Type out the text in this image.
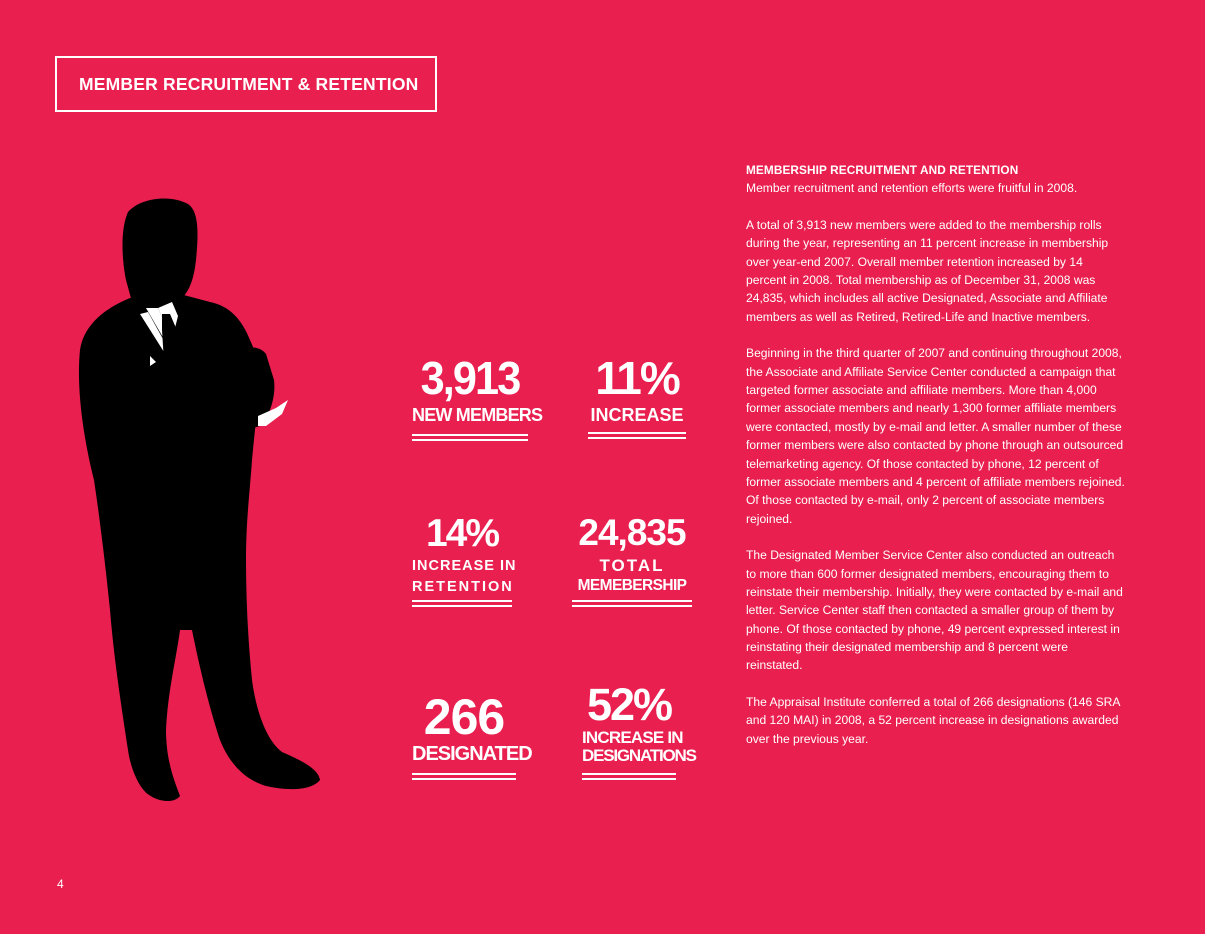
MEMBER RECRUITMENT & RETENTION
3,913
NEW MEMBERS
11%
INCREASE
14%
INCREASE IN
RETENTION
24,835
TOTAL
MEMEBERSHIP
266
DESIGNATED
52%
INCREASE IN
DESIGNATIONS
MEMBERSHIP RECRUITMENT AND RETENTION

Member recruitment and retention efforts were fruitful in 2008.

A total of 3,913 new members were added to the membership rolls during the year, representing an 11 percent increase in membership over year-end 2007. Overall member retention increased by 14 percent in 2008. Total membership as of December 31, 2008 was 24,835, which includes all active Designated, Associate and Affiliate members as well as Retired, Retired-Life and Inactive members.

Beginning in the third quarter of 2007 and continuing throughout 2008, the Associate and Affiliate Service Center conducted a campaign that targeted former associate and affiliate members. More than 4,000 former associate members and nearly 1,300 former affiliate members were contacted, mostly by e-mail and letter. A smaller number of these former members were also contacted by phone through an outsourced telemarketing agency. Of those contacted by phone, 12 percent of former associate members and 4 percent of affiliate members rejoined. Of those contacted by e-mail, only 2 percent of associate members rejoined.

The Designated Member Service Center also conducted an outreach to more than 600 former designated members, encouraging them to reinstate their membership. Initially, they were contacted by e-mail and letter. Service Center staff then contacted a smaller group of them by phone. Of those contacted by phone, 49 percent expressed interest in reinstating their designated membership and 8 percent were reinstated.

The Appraisal Institute conferred a total of 266 designations (146 SRA and 120 MAI) in 2008, a 52 percent increase in designations awarded over the previous year.

4
